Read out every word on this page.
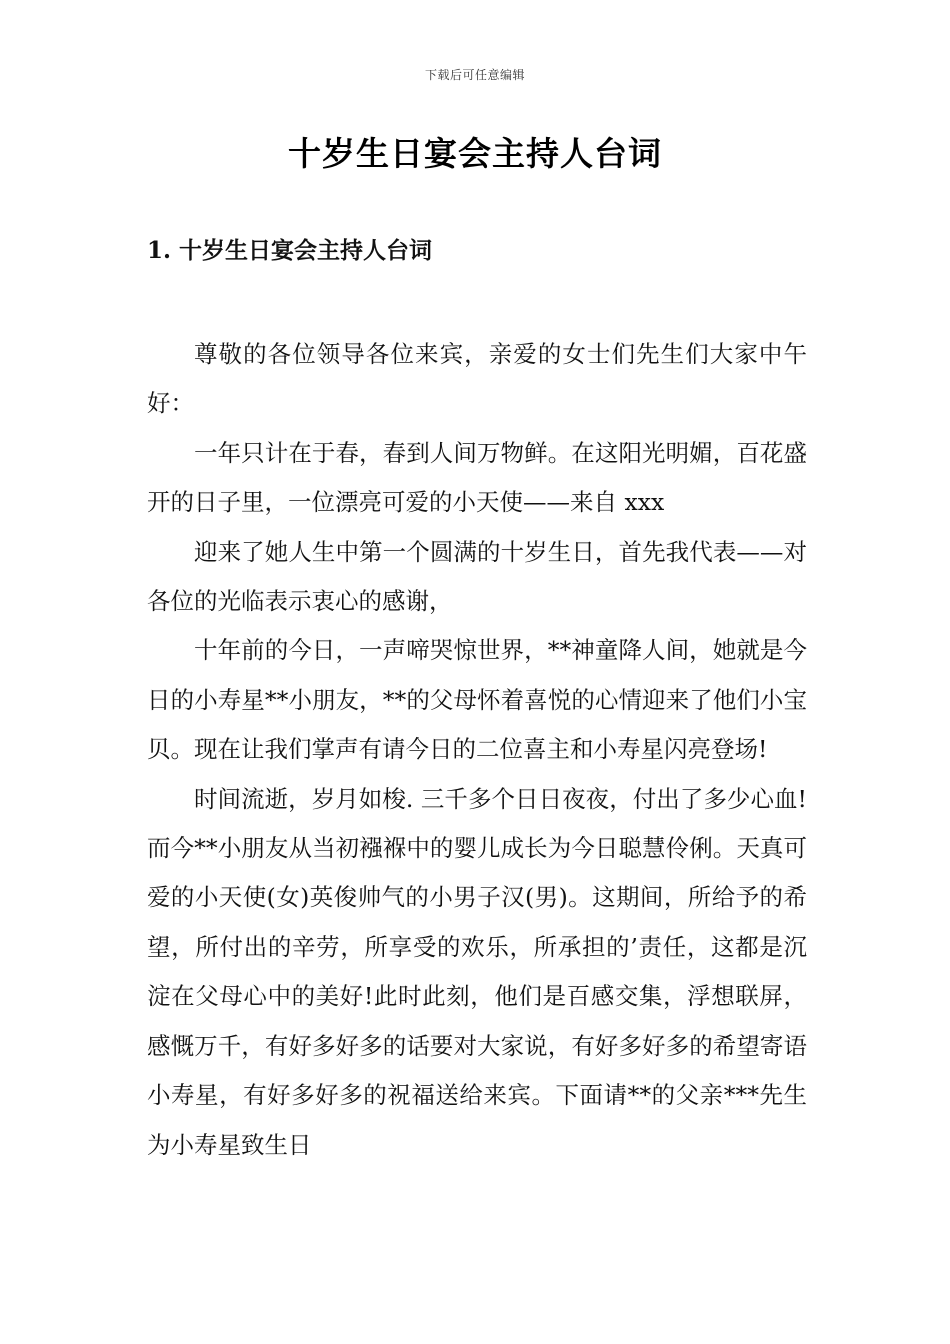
下载后可任意编辑
十岁生日宴会主持人台词
1. 十岁生日宴会主持人台词

尊敬的各位领导各位来宾，亲爱的女士们先生们大家中午好：

一年只计在于春，春到人间万物鲜。在这阳光明媚，百花盛开的日子里，一位漂亮可爱的小天使——来自 xxx

迎来了她人生中第一个圆满的十岁生日，首先我代表——对各位的光临表示衷心的感谢，

十年前的今日，一声啼哭惊世界，**神童降人间，她就是今日的小寿星**小朋友，**的父母怀着喜悦的心情迎来了他们小宝贝。现在让我们掌声有请今日的二位喜主和小寿星闪亮登场!

时间流逝，岁月如梭. 三千多个日日夜夜，付出了多少心血!而今**小朋友从当初襁褓中的婴儿成长为今日聪慧伶俐。天真可爱的小天使(女)英俊帅气的小男子汉(男)。这期间，所给予的希望，所付出的辛劳，所享受的欢乐，所承担的’责任，这都是沉淀在父母心中的美好!此时此刻，他们是百感交集，浮想联屏，感慨万千，有好多好多的话要对大家说，有好多好多的希望寄语小寿星，有好多好多的祝福送给来宾。下面请**的父亲***先生为小寿星致生日
